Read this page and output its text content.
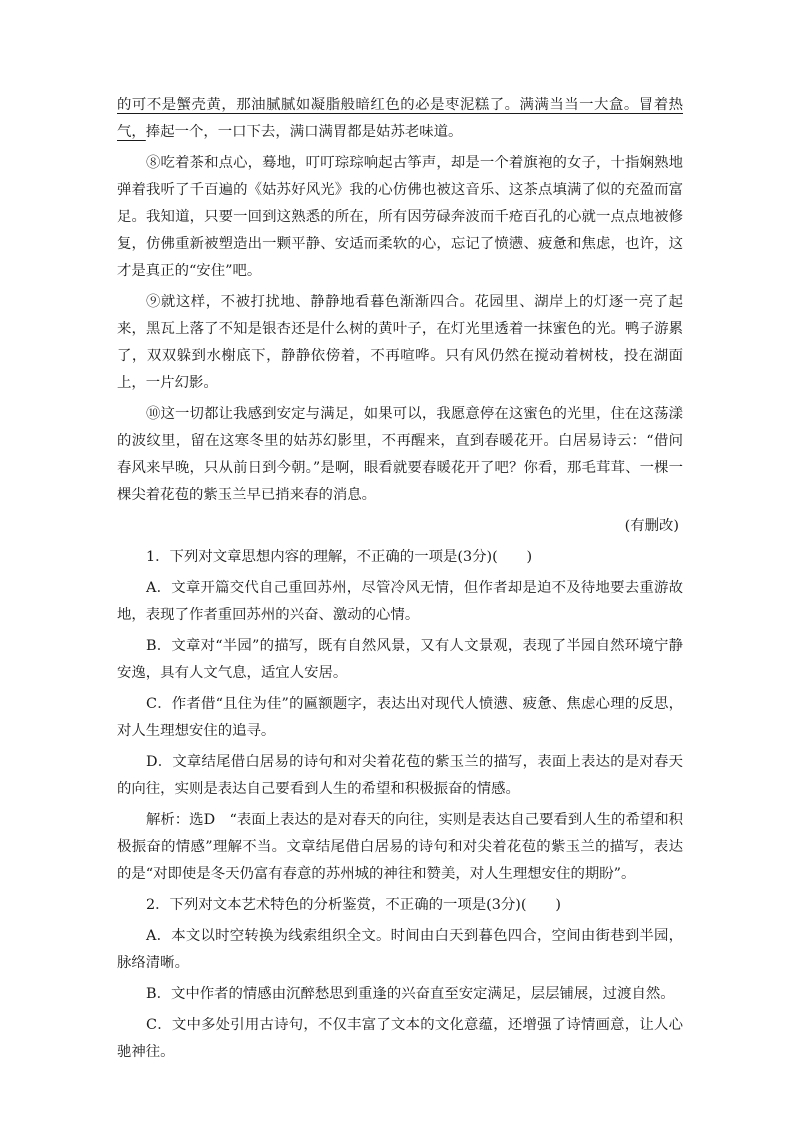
的可不是蟹壳黄，那油腻腻如凝脂般暗红色的必是枣泥糕了。满满当当一大盒。冒着热气，捧起一个，一口下去，满口满胃都是姑苏老味道。

⑧吃着茶和点心，蓦地，叮叮琮琮响起古筝声，却是一个着旗袍的女子，十指娴熟地弹着我听了千百遍的《姑苏好风光》我的心仿佛也被这音乐、这茶点填满了似的充盈而富足。我知道，只要一回到这熟悉的所在，所有因劳碌奔波而千疮百孔的心就一点点地被修复，仿佛重新被塑造出一颗平静、安适而柔软的心，忘记了愤懑、疲惫和焦虑，也许，这才是真正的“安住”吧。

⑨就这样，不被打扰地、静静地看暮色渐渐四合。花园里、湖岸上的灯逐一亮了起来，黑瓦上落了不知是银杏还是什么树的黄叶子，在灯光里透着一抹蜜色的光。鸭子游累了，双双躲到水榭底下，静静依傍着，不再喧哗。只有风仍然在搅动着树枝，投在湖面上，一片幻影。

⑩这一切都让我感到安定与满足，如果可以，我愿意停在这蜜色的光里，住在这荡漾的波纹里，留在这寒冬里的姑苏幻影里，不再醒来，直到春暖花开。白居易诗云：“借问春风来早晚，只从前日到今朝。”是啊，眼看就要春暖花开了吧？你看，那毛茸茸、一棵一棵尖着花苞的紫玉兰早已捎来春的消息。

(有删改)

1．下列对文章思想内容的理解，不正确的一项是(3分)(　　)

A．文章开篇交代自己重回苏州，尽管冷风无情，但作者却是迫不及待地要去重游故地，表现了作者重回苏州的兴奋、激动的心情。

B．文章对“半园”的描写，既有自然风景，又有人文景观，表现了半园自然环境宁静安逸，具有人文气息，适宜人安居。

C．作者借“且住为佳”的匾额题字，表达出对现代人愤懑、疲惫、焦虑心理的反思，对人生理想安住的追寻。

D．文章结尾借白居易的诗句和对尖着花苞的紫玉兰的描写，表面上表达的是对春天的向往，实则是表达自己要看到人生的希望和积极振奋的情感。

解析：选D　“表面上表达的是对春天的向往，实则是表达自己要看到人生的希望和积极振奋的情感”理解不当。文章结尾借白居易的诗句和对尖着花苞的紫玉兰的描写，表达的是“对即使是冬天仍富有春意的苏州城的神往和赞美，对人生理想安住的期盼”。

2．下列对文本艺术特色的分析鉴赏，不正确的一项是(3分)(　　)

A．本文以时空转换为线索组织全文。时间由白天到暮色四合，空间由街巷到半园，脉络清晰。

B．文中作者的情感由沉醉愁思到重逢的兴奋直至安定满足，层层铺展，过渡自然。

C．文中多处引用古诗句，不仅丰富了文本的文化意蕴，还增强了诗情画意，让人心驰神往。
